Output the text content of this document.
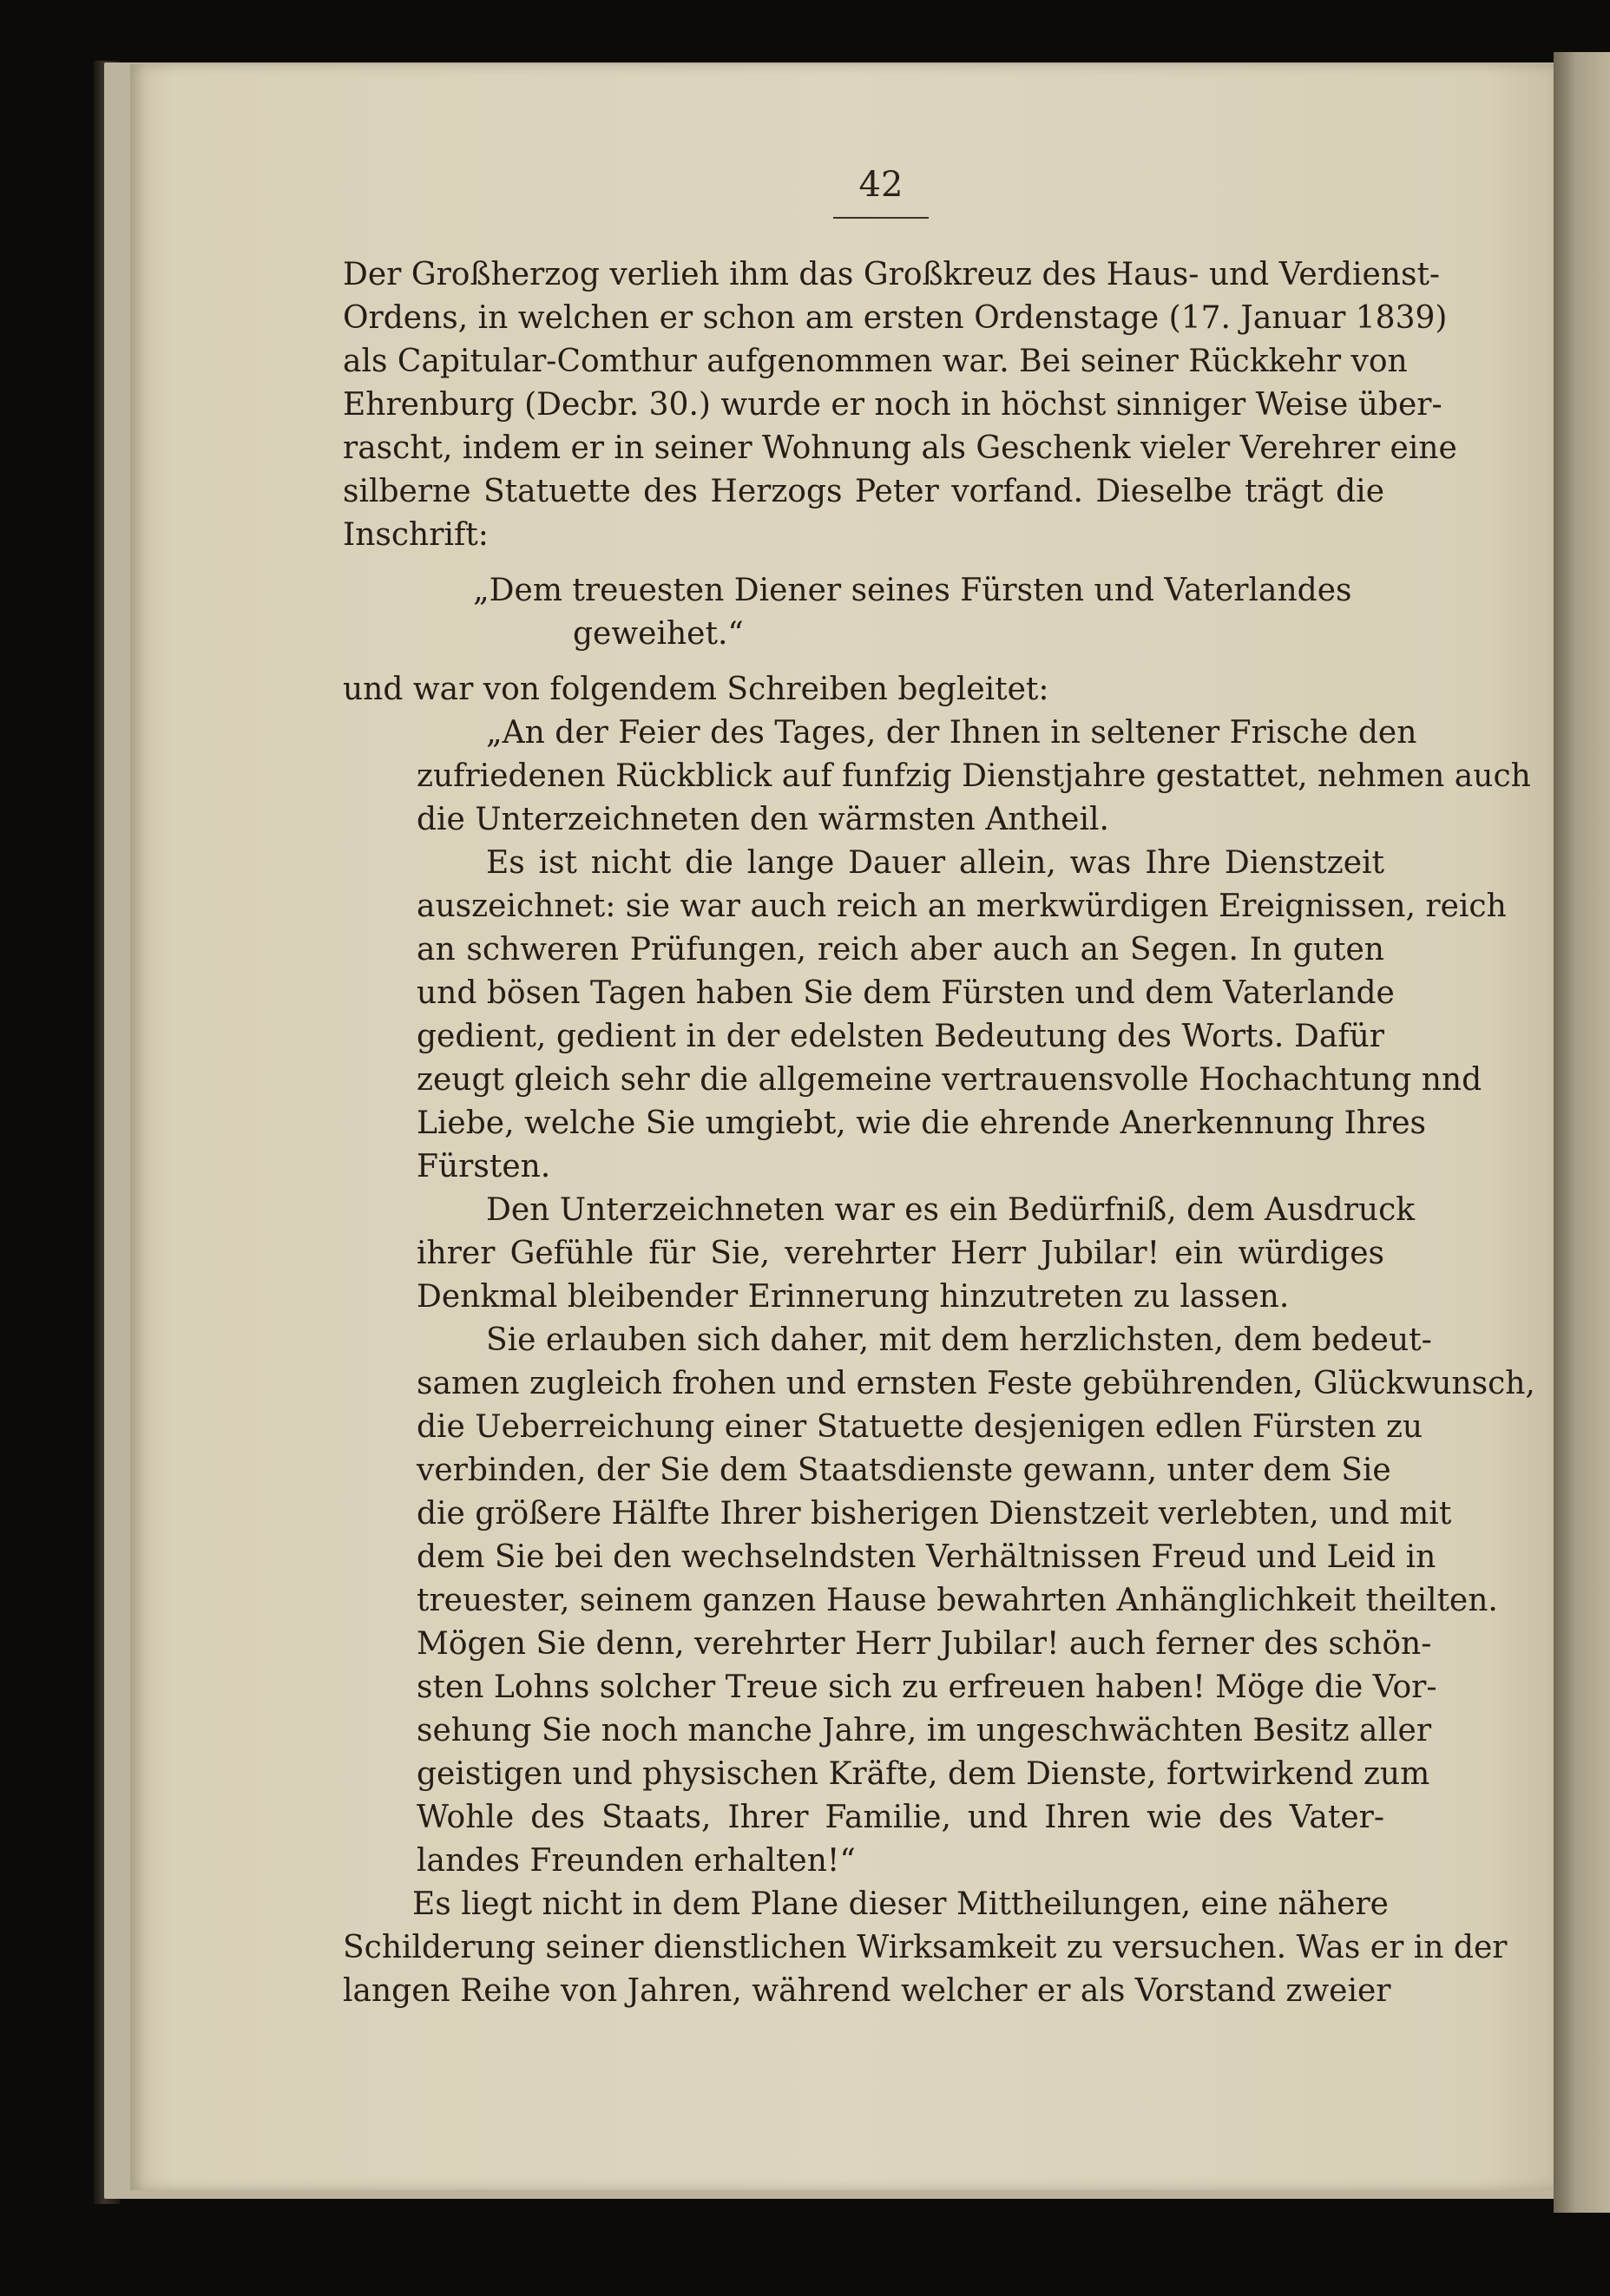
42
Der Großherzog verlieh ihm das Großkreuz des Haus- und Verdienst-
Ordens, in welchen er schon am ersten Ordenstage (17. Januar 1839)
als Capitular-Comthur aufgenommen war. Bei seiner Rückkehr von
Ehrenburg (Decbr. 30.) wurde er noch in höchst sinniger Weise über-
rascht, indem er in seiner Wohnung als Geschenk vieler Verehrer eine
silberne Statuette des Herzogs Peter vorfand. Dieselbe trägt die
Inschrift:
„Dem treuesten Diener seines Fürsten und Vaterlandes
geweihet.“
und war von folgendem Schreiben begleitet:
„An der Feier des Tages, der Ihnen in seltener Frische den
zufriedenen Rückblick auf funfzig Dienstjahre gestattet, nehmen auch
die Unterzeichneten den wärmsten Antheil.
Es ist nicht die lange Dauer allein, was Ihre Dienstzeit
auszeichnet: sie war auch reich an merkwürdigen Ereignissen, reich
an schweren Prüfungen, reich aber auch an Segen. In guten
und bösen Tagen haben Sie dem Fürsten und dem Vaterlande
gedient, gedient in der edelsten Bedeutung des Worts. Dafür
zeugt gleich sehr die allgemeine vertrauensvolle Hochachtung nnd
Liebe, welche Sie umgiebt, wie die ehrende Anerkennung Ihres
Fürsten.
Den Unterzeichneten war es ein Bedürfniß, dem Ausdruck
ihrer Gefühle für Sie, verehrter Herr Jubilar! ein würdiges
Denkmal bleibender Erinnerung hinzutreten zu lassen.
Sie erlauben sich daher, mit dem herzlichsten, dem bedeut-
samen zugleich frohen und ernsten Feste gebührenden, Glückwunsch,
die Ueberreichung einer Statuette desjenigen edlen Fürsten zu
verbinden, der Sie dem Staatsdienste gewann, unter dem Sie
die größere Hälfte Ihrer bisherigen Dienstzeit verlebten, und mit
dem Sie bei den wechselndsten Verhältnissen Freud und Leid in
treuester, seinem ganzen Hause bewahrten Anhänglichkeit theilten.
Mögen Sie denn, verehrter Herr Jubilar! auch ferner des schön-
sten Lohns solcher Treue sich zu erfreuen haben! Möge die Vor-
sehung Sie noch manche Jahre, im ungeschwächten Besitz aller
geistigen und physischen Kräfte, dem Dienste, fortwirkend zum
Wohle des Staats, Ihrer Familie, und Ihren wie des Vater-
landes Freunden erhalten!“
Es liegt nicht in dem Plane dieser Mittheilungen, eine nähere
Schilderung seiner dienstlichen Wirksamkeit zu versuchen. Was er in der
langen Reihe von Jahren, während welcher er als Vorstand zweier
